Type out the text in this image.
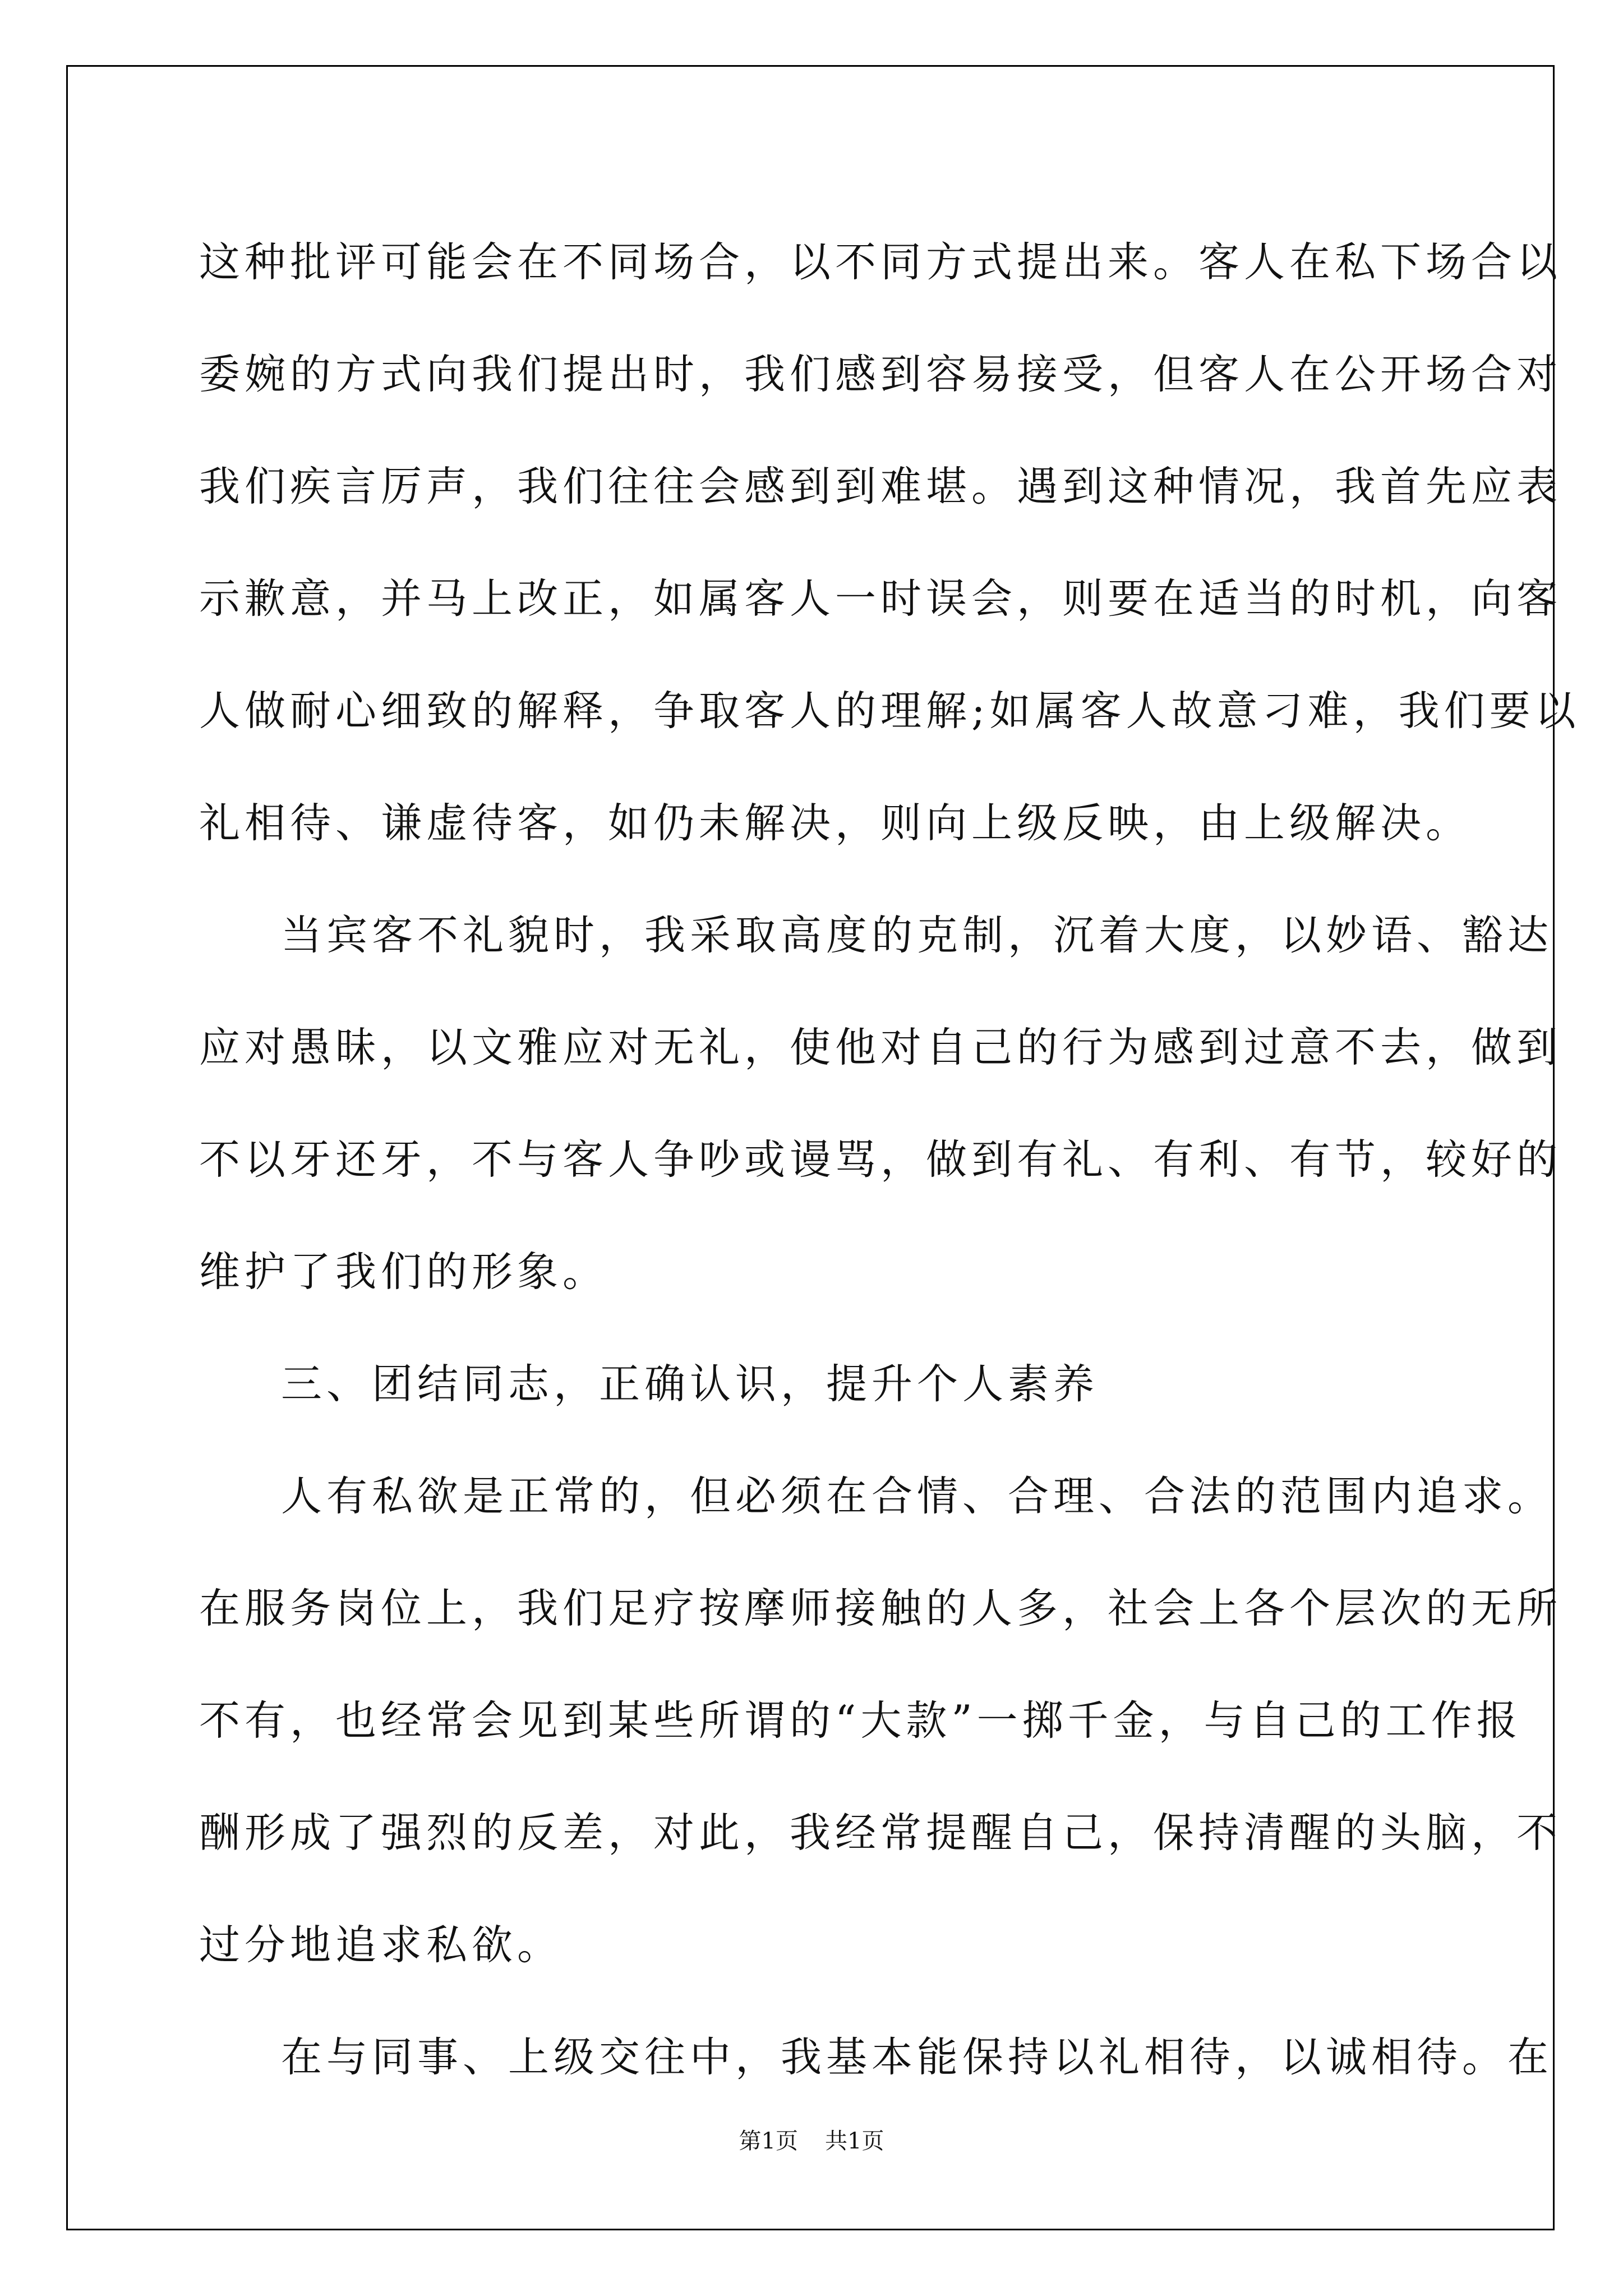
这种批评可能会在不同场合，以不同方式提出来。客人在私下场合以
委婉的方式向我们提出时，我们感到容易接受，但客人在公开场合对
我们疾言厉声，我们往往会感到到难堪。遇到这种情况，我首先应表
示歉意，并马上改正，如属客人一时误会，则要在适当的时机，向客
人做耐心细致的解释，争取客人的理解;如属客人故意刁难，我们要以
礼相待、谦虚待客，如仍未解决，则向上级反映，由上级解决。
当宾客不礼貌时，我采取高度的克制，沉着大度，以妙语、豁达
应对愚昧，以文雅应对无礼，使他对自己的行为感到过意不去，做到
不以牙还牙，不与客人争吵或谩骂，做到有礼、有利、有节，较好的
维护了我们的形象。
三、团结同志，正确认识，提升个人素养
人有私欲是正常的，但必须在合情、合理、合法的范围内追求。
在服务岗位上，我们足疗按摩师接触的人多，社会上各个层次的无所
不有，也经常会见到某些所谓的“大款”一掷千金，与自己的工作报
酬形成了强烈的反差，对此，我经常提醒自己，保持清醒的头脑，不
过分地追求私欲。
在与同事、上级交往中，我基本能保持以礼相待，以诚相待。在
第1页 共1页
